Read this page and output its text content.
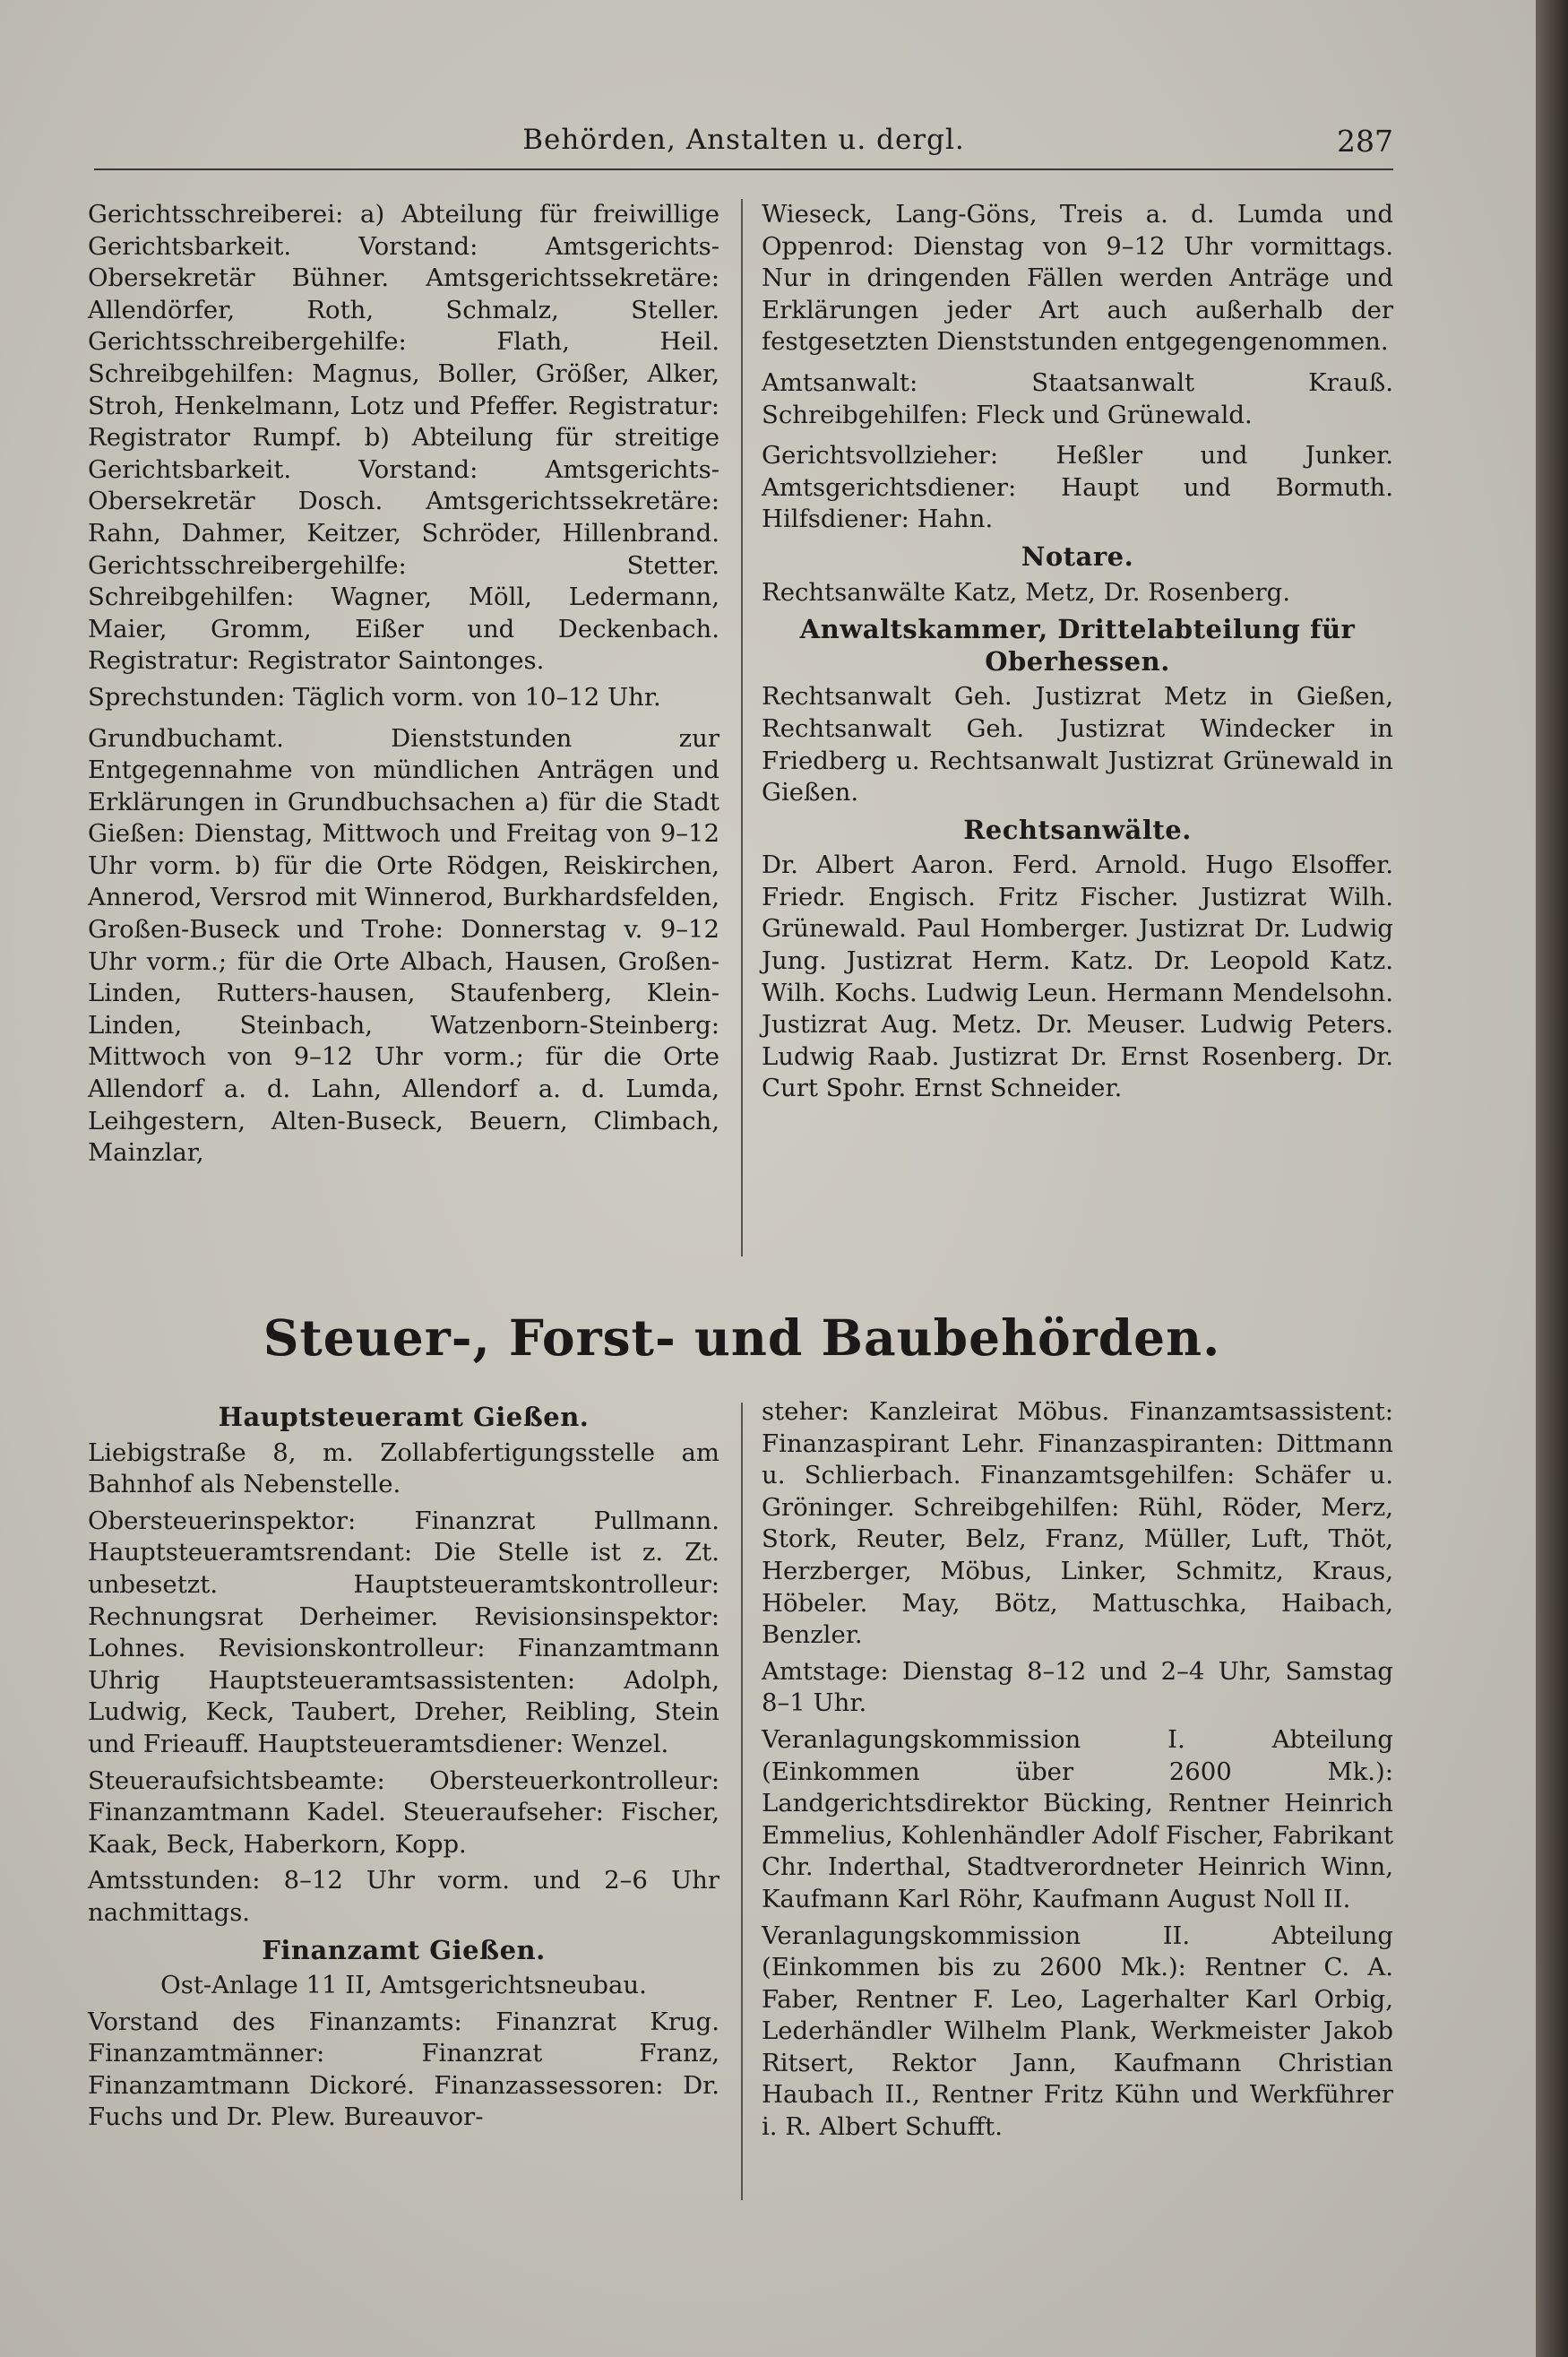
Behörden, Anstalten u. dergl.	287

Gerichtsschreiberei: a) Abteilung für freiwillige Gerichtsbarkeit. Vorstand: Amtsgerichts-Obersekretär Bühner. Amtsgerichtssekretäre: Allendörfer, Roth, Schmalz, Steller. Gerichtsschreibergehilfe: Flath, Heil. Schreibgehilfen: Magnus, Boller, Größer, Alker, Stroh, Henkelmann, Lotz und Pfeffer. Registratur: Registrator Rumpf. b) Abteilung für streitige Gerichtsbarkeit. Vorstand: Amtsgerichts-Obersekretär Dosch. Amtsgerichtssekretäre: Rahn, Dahmer, Keitzer, Schröder, Hillenbrand. Gerichtsschreibergehilfe: Stetter. Schreibgehilfen: Wagner, Möll, Ledermann, Maier, Gromm, Eißer und Deckenbach. Registratur: Registrator Saintonges.

Sprechstunden: Täglich vorm. von 10–12 Uhr.

Grundbuchamt. Dienststunden zur Entgegennahme von mündlichen Anträgen und Erklärungen in Grundbuchsachen a) für die Stadt Gießen: Dienstag, Mittwoch und Freitag von 9–12 Uhr vorm. b) für die Orte Rödgen, Reiskirchen, Annerod, Versrod mit Winnerod, Burkhardsfelden, Großen-Buseck und Trohe: Donnerstag v. 9–12 Uhr vorm.; für die Orte Albach, Hausen, Großen-Linden, Rutters-hausen, Staufenberg, Klein-Linden, Steinbach, Watzenborn-Steinberg: Mittwoch von 9–12 Uhr vorm.; für die Orte Allendorf a. d. Lahn, Allendorf a. d. Lumda, Leihgestern, Alten-Buseck, Beuern, Climbach, Mainzlar,

Wieseck, Lang-Göns, Treis a. d. Lumda und Oppenrod: Dienstag von 9–12 Uhr vormittags. Nur in dringenden Fällen werden Anträge und Erklärungen jeder Art auch außerhalb der festgesetzten Dienststunden entgegengenommen.

Amtsanwalt: Staatsanwalt Krauß. Schreibgehilfen: Fleck und Grünewald.

Gerichtsvollzieher: Heßler und Junker. Amtsgerichtsdiener: Haupt und Bormuth. Hilfsdiener: Hahn.

Notare.

Rechtsanwälte Katz, Metz, Dr. Rosenberg.

Anwaltskammer, Drittelabteilung für Oberhessen.

Rechtsanwalt Geh. Justizrat Metz in Gießen, Rechtsanwalt Geh. Justizrat Windecker in Friedberg u. Rechtsanwalt Justizrat Grünewald in Gießen.

Rechtsanwälte.

Dr. Albert Aaron. Ferd. Arnold. Hugo Elsoffer. Friedr. Engisch. Fritz Fischer. Justizrat Wilh. Grünewald. Paul Homberger. Justizrat Dr. Ludwig Jung. Justizrat Herm. Katz. Dr. Leopold Katz. Wilh. Kochs. Ludwig Leun. Hermann Mendelsohn. Justizrat Aug. Metz. Dr. Meuser. Ludwig Peters. Ludwig Raab. Justizrat Dr. Ernst Rosenberg. Dr. Curt Spohr. Ernst Schneider.

Steuer-, Forst- und Baubehörden.
Hauptsteueramt Gießen.

Liebigstraße 8, m. Zollabfertigungsstelle am Bahnhof als Nebenstelle.

Obersteuerinspektor: Finanzrat Pullmann. Hauptsteueramtsrendant: Die Stelle ist z. Zt. unbesetzt. Hauptsteueramtskontrolleur: Rechnungsrat Derheimer. Revisionsinspektor: Lohnes. Revisionskontrolleur: Finanzamtmann Uhrig Hauptsteueramtsassistenten: Adolph, Ludwig, Keck, Taubert, Dreher, Reibling, Stein und Frieauff. Hauptsteueramtsdiener: Wenzel.

Steueraufsichtsbeamte: Obersteuerkontrolleur: Finanzamtmann Kadel. Steueraufseher: Fischer, Kaak, Beck, Haberkorn, Kopp.

Amtsstunden: 8–12 Uhr vorm. und 2–6 Uhr nachmittags.

Finanzamt Gießen.

Ost-Anlage 11 II, Amtsgerichtsneubau.

Vorstand des Finanzamts: Finanzrat Krug. Finanzamtmänner: Finanzrat Franz, Finanzamtmann Dickoré. Finanzassessoren: Dr. Fuchs und Dr. Plew. Bureauvor-

steher: Kanzleirat Möbus. Finanzamtsassistent: Finanzaspirant Lehr. Finanzaspiranten: Dittmann u. Schlierbach. Finanzamtsgehilfen: Schäfer u. Gröninger. Schreibgehilfen: Rühl, Röder, Merz, Stork, Reuter, Belz, Franz, Müller, Luft, Thöt, Herzberger, Möbus, Linker, Schmitz, Kraus, Höbeler. May, Bötz, Mattuschka, Haibach, Benzler.

Amtstage: Dienstag 8–12 und 2–4 Uhr, Samstag 8–1 Uhr.

Veranlagungskommission I. Abteilung (Einkommen über 2600 Mk.): Landgerichtsdirektor Bücking, Rentner Heinrich Emmelius, Kohlenhändler Adolf Fischer, Fabrikant Chr. Inderthal, Stadtverordneter Heinrich Winn, Kaufmann Karl Röhr, Kaufmann August Noll II.

Veranlagungskommission II. Abteilung (Einkommen bis zu 2600 Mk.): Rentner C. A. Faber, Rentner F. Leo, Lagerhalter Karl Orbig, Lederhändler Wilhelm Plank, Werkmeister Jakob Ritsert, Rektor Jann, Kaufmann Christian Haubach II., Rentner Fritz Kühn und Werkführer i. R. Albert Schufft.
